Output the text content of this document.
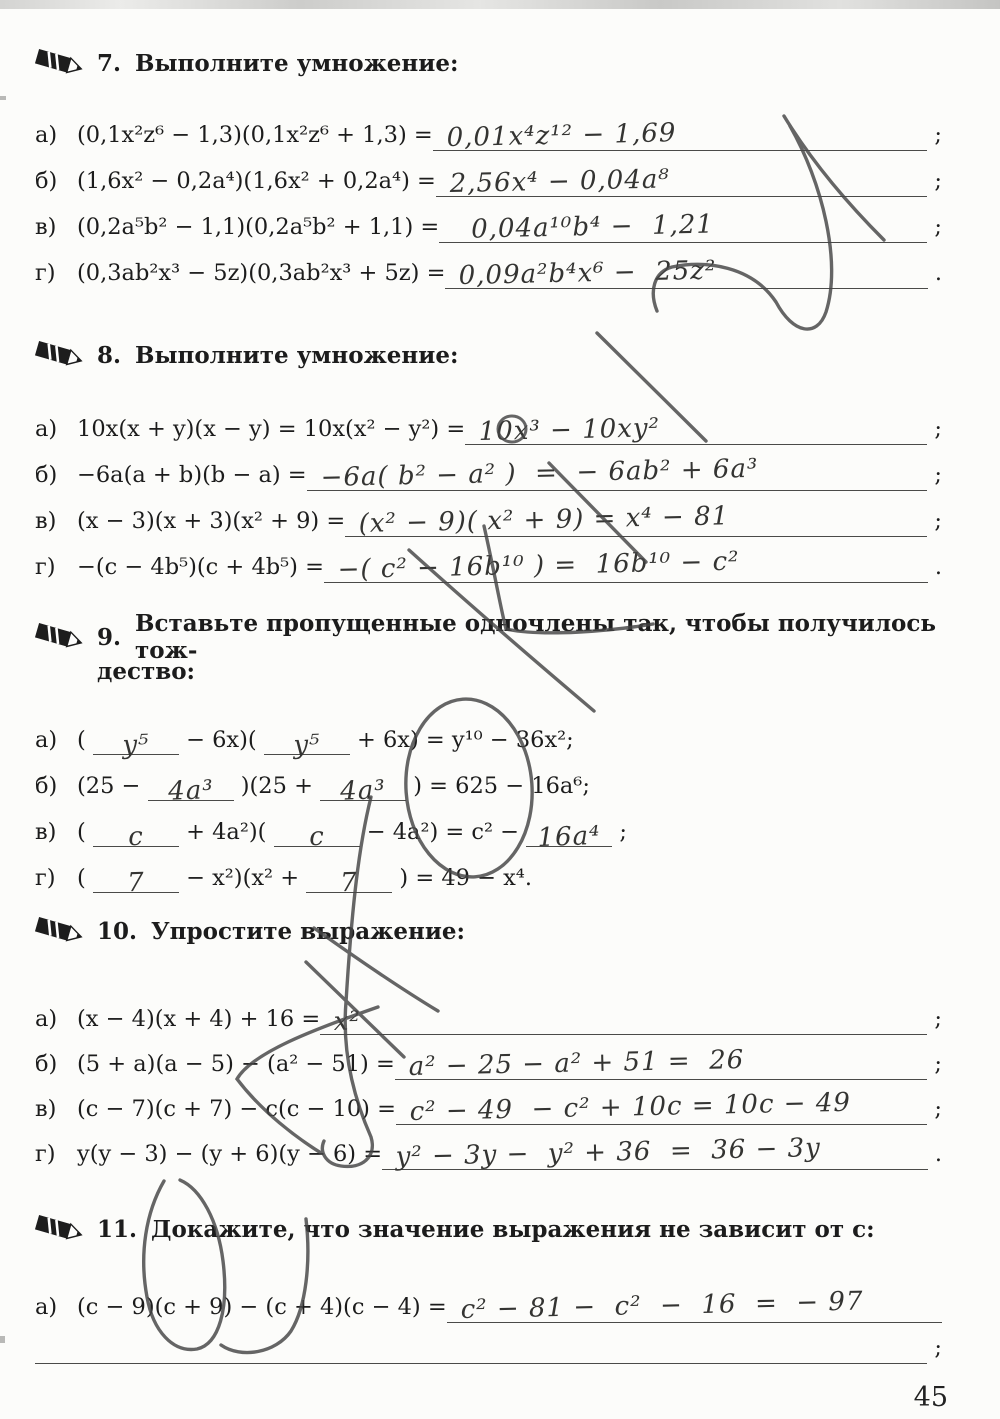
7. Выполните умножение:
а) (0,1x²z⁶ − 1,3)(0,1x²z⁶ + 1,3) = 0,01x⁴z¹² − 1,69	;
б) (1,6x² − 0,2a⁴)(1,6x² + 0,2a⁴) = 2,56x⁴ − 0,04a⁸	;
в) (0,2a⁵b² − 1,1)(0,2a⁵b² + 1,1) = 0,04a¹⁰b⁴ −  1,21	;
г) (0,3ab²x³ − 5z)(0,3ab²x³ + 5z) = 0,09a²b⁴x⁶ −  25z²	.
8. Выполните умножение:
а) 10x(x + y)(x − y) = 10x(x² − y²) = 10x³ − 10xy²	;
б) −6a(a + b)(b − a) = −6a( b² − a² )  =  − 6ab² + 6a³	;
в) (x − 3)(x + 3)(x² + 9) = (x² − 9)( x² + 9) = x⁴ − 81	;
г) −(c − 4b⁵)(c + 4b⁵) = −( c² − 16b¹⁰ ) =  16b¹⁰ − c²	.
9. Вставьте пропущенные одночлены так, чтобы получилось тож-
дество:
а) ( y⁵ − 6x)( y⁵ + 6x) = y¹⁰ − 36x²;
б) (25 − 4a³ )(25 + 4a³ ) = 625 − 16a⁶;
в) ( c + 4a²)( c − 4a²) = c² − 16a⁴ ;
г) ( 7 − x²)(x² + 7 ) = 49 − x⁴.
10. Упростите выражение:
а) (x − 4)(x + 4) + 16 = x²	;
б) (5 + a)(a − 5) − (a² − 51) = a² − 25 − a² + 51 =  26	;
в) (c − 7)(c + 7) − c(c − 10) = c² − 49  − c² + 10c = 10c − 49	;
г) y(y − 3) − (y + 6)(y − 6) = y² − 3y −  y² + 36  =  36 − 3y	.
11. Докажите, что значение выражения не зависит от с:
а) (c − 9)(c + 9) − (c + 4)(c − 4) = c² − 81 −  c²  −  16  =  − 97
;
45
